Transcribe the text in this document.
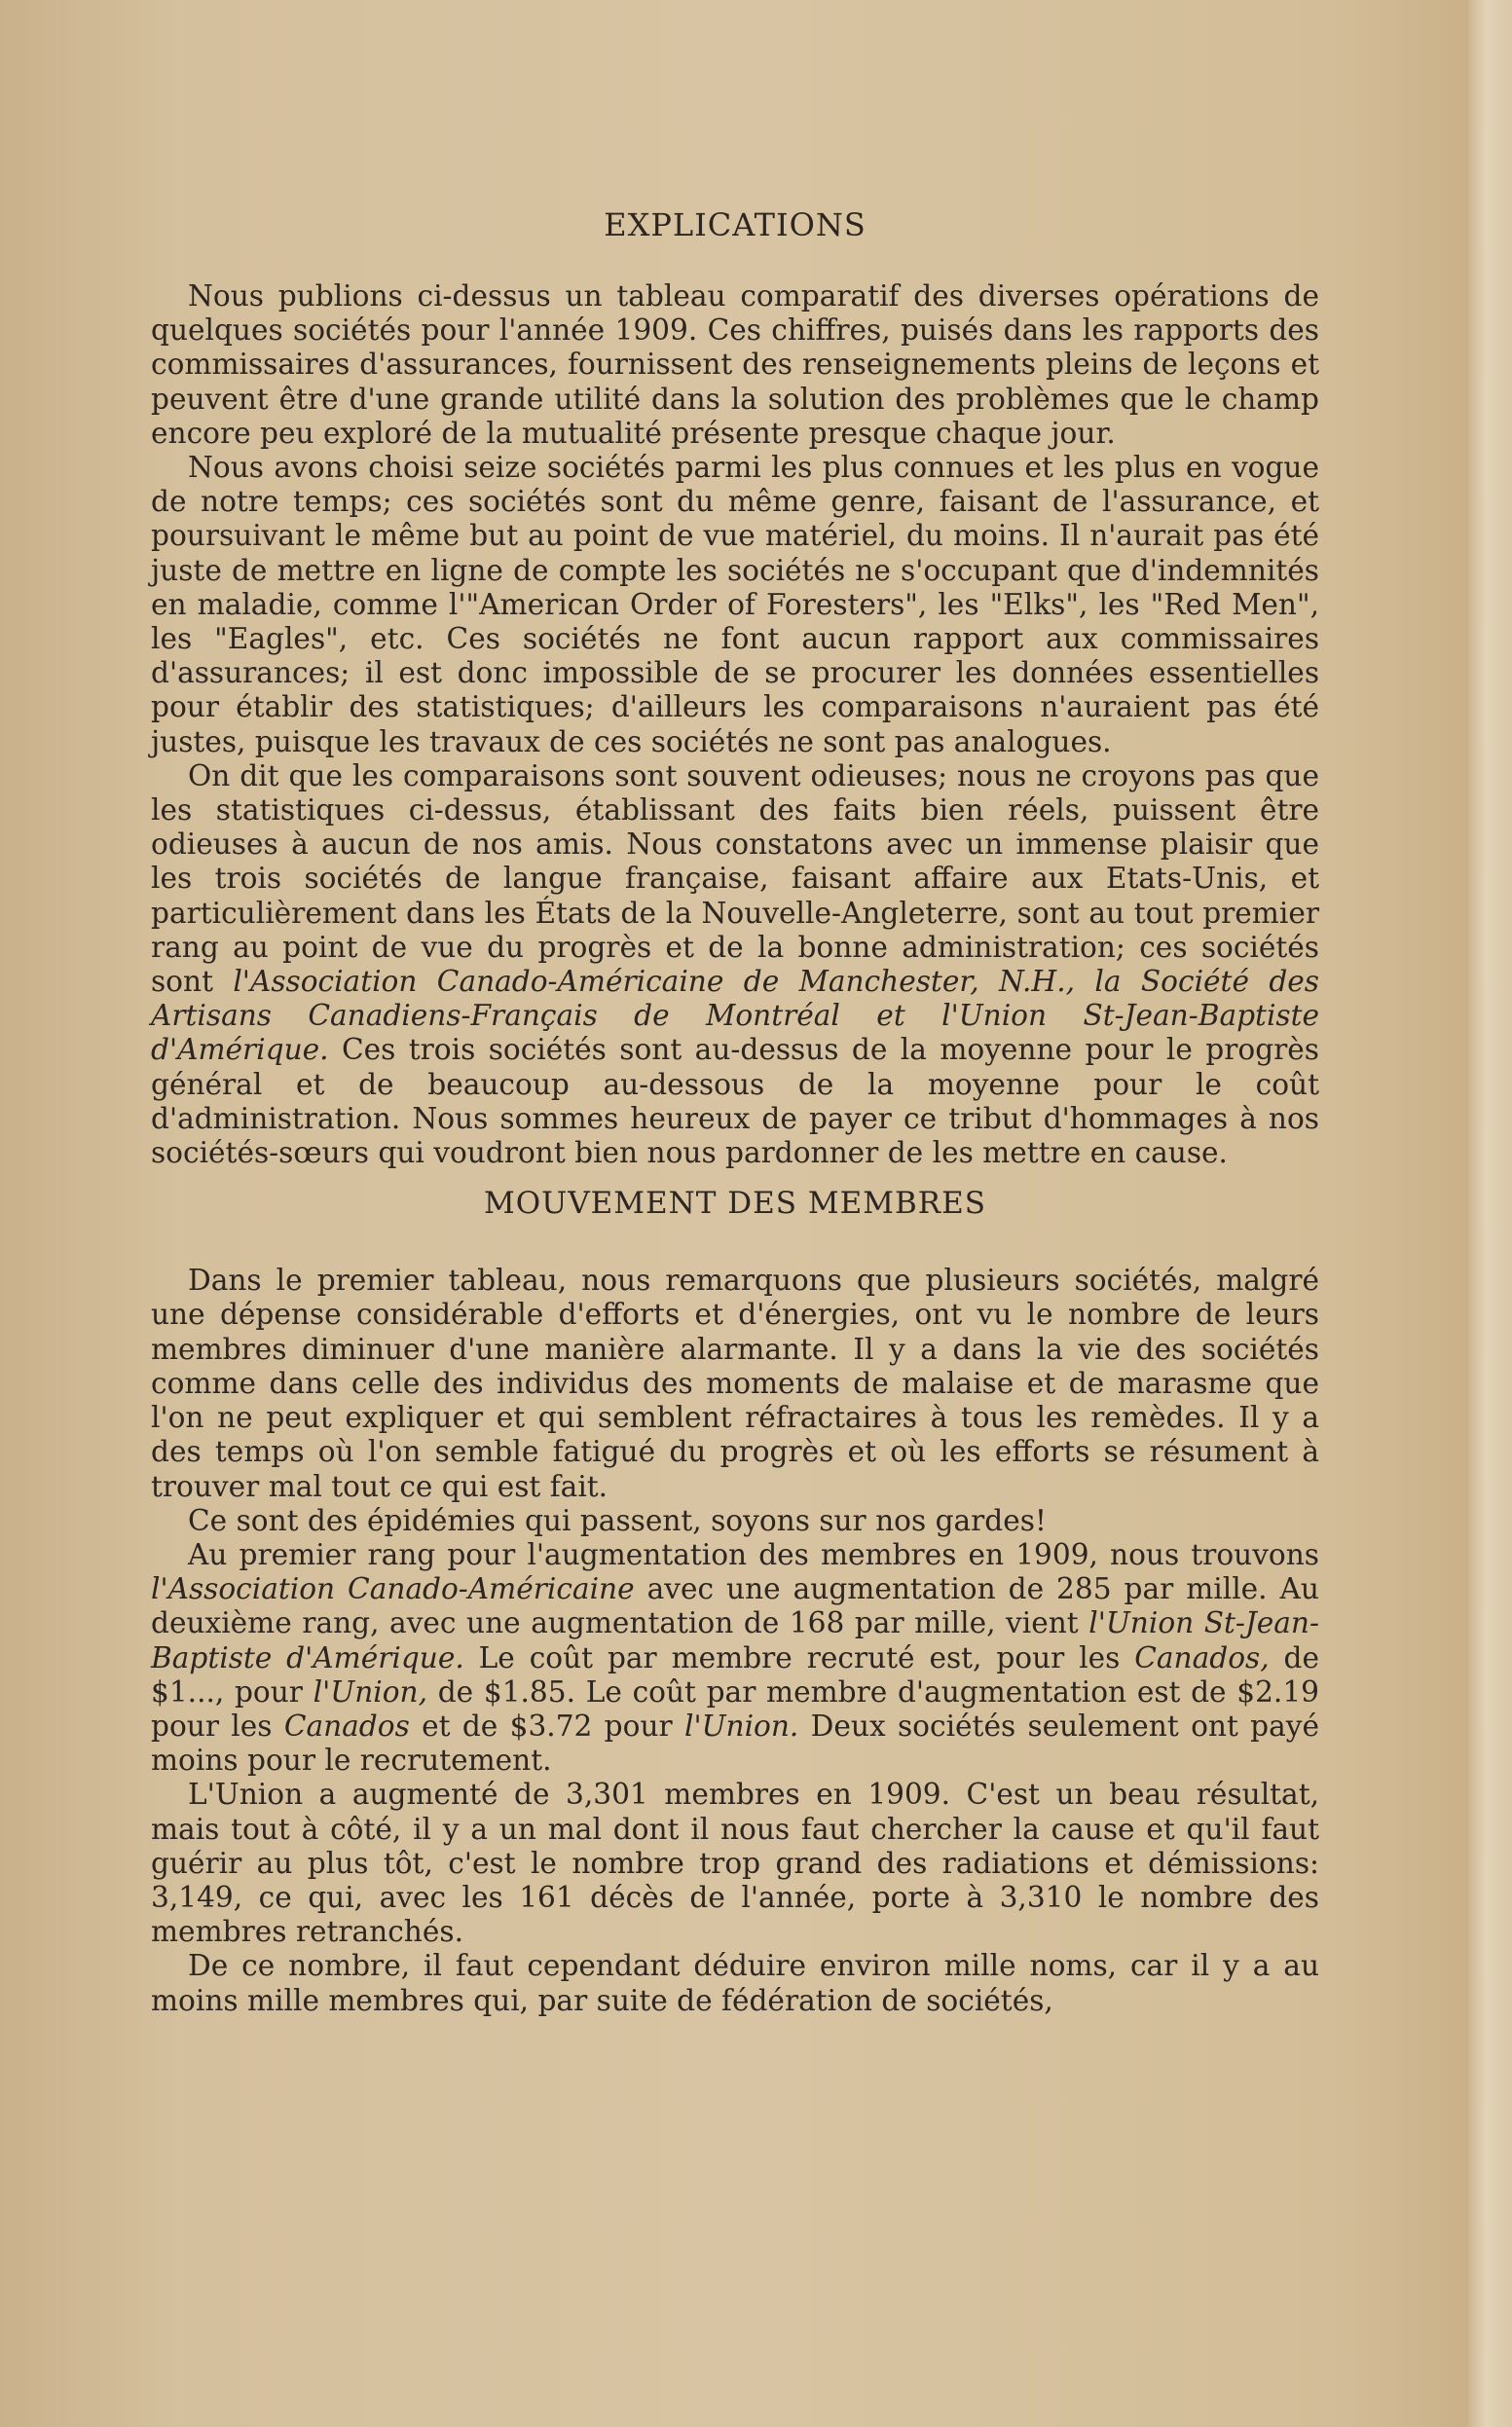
EXPLICATIONS

Nous publions ci-dessus un tableau comparatif des diverses opérations de quelques sociétés pour l'année 1909. Ces chiffres, puisés dans les rapports des commissaires d'assurances, fournissent des renseignements pleins de leçons et peuvent être d'une grande utilité dans la solution des problèmes que le champ encore peu exploré de la mutualité présente presque chaque jour.

Nous avons choisi seize sociétés parmi les plus connues et les plus en vogue de notre temps; ces sociétés sont du même genre, faisant de l'assurance, et poursuivant le même but au point de vue matériel, du moins. Il n'aurait pas été juste de mettre en ligne de compte les sociétés ne s'occupant que d'indemnités en maladie, comme l'"American Order of Foresters", les "Elks", les "Red Men", les "Eagles", etc. Ces sociétés ne font aucun rapport aux commissaires d'assurances; il est donc impossible de se procurer les données essentielles pour établir des statistiques; d'ailleurs les comparaisons n'auraient pas été justes, puisque les travaux de ces sociétés ne sont pas analogues.

On dit que les comparaisons sont souvent odieuses; nous ne croyons pas que les statistiques ci-dessus, établissant des faits bien réels, puissent être odieuses à aucun de nos amis. Nous constatons avec un immense plaisir que les trois sociétés de langue française, faisant affaire aux Etats-Unis, et particulièrement dans les États de la Nouvelle-Angleterre, sont au tout premier rang au point de vue du progrès et de la bonne administration; ces sociétés sont l'Association Canado-Américaine de Manchester, N.H., la Société des Artisans Canadiens-Français de Montréal et l'Union St-Jean-Baptiste d'Amérique. Ces trois sociétés sont au-dessus de la moyenne pour le progrès général et de beaucoup au-dessous de la moyenne pour le coût d'administration. Nous sommes heureux de payer ce tribut d'hommages à nos sociétés-sœurs qui voudront bien nous pardonner de les mettre en cause.

MOUVEMENT DES MEMBRES

Dans le premier tableau, nous remarquons que plusieurs sociétés, malgré une dépense considérable d'efforts et d'énergies, ont vu le nombre de leurs membres diminuer d'une manière alarmante. Il y a dans la vie des sociétés comme dans celle des individus des moments de malaise et de marasme que l'on ne peut expliquer et qui semblent réfractaires à tous les remèdes. Il y a des temps où l'on semble fatigué du progrès et où les efforts se résument à trouver mal tout ce qui est fait.

Ce sont des épidémies qui passent, soyons sur nos gardes!

Au premier rang pour l'augmentation des membres en 1909, nous trouvons l'Association Canado-Américaine avec une augmentation de 285 par mille. Au deuxième rang, avec une augmentation de 168 par mille, vient l'Union St-Jean-Baptiste d'Amérique. Le coût par membre recruté est, pour les Canados, de $1..., pour l'Union, de $1.85. Le coût par membre d'augmentation est de $2.19 pour les Canados et de $3.72 pour l'Union. Deux sociétés seulement ont payé moins pour le recrutement.

L'Union a augmenté de 3,301 membres en 1909. C'est un beau résultat, mais tout à côté, il y a un mal dont il nous faut chercher la cause et qu'il faut guérir au plus tôt, c'est le nombre trop grand des radiations et démissions: 3,149, ce qui, avec les 161 décès de l'année, porte à 3,310 le nombre des membres retranchés.

De ce nombre, il faut cependant déduire environ mille noms, car il y a au moins mille membres qui, par suite de fédération de sociétés,
